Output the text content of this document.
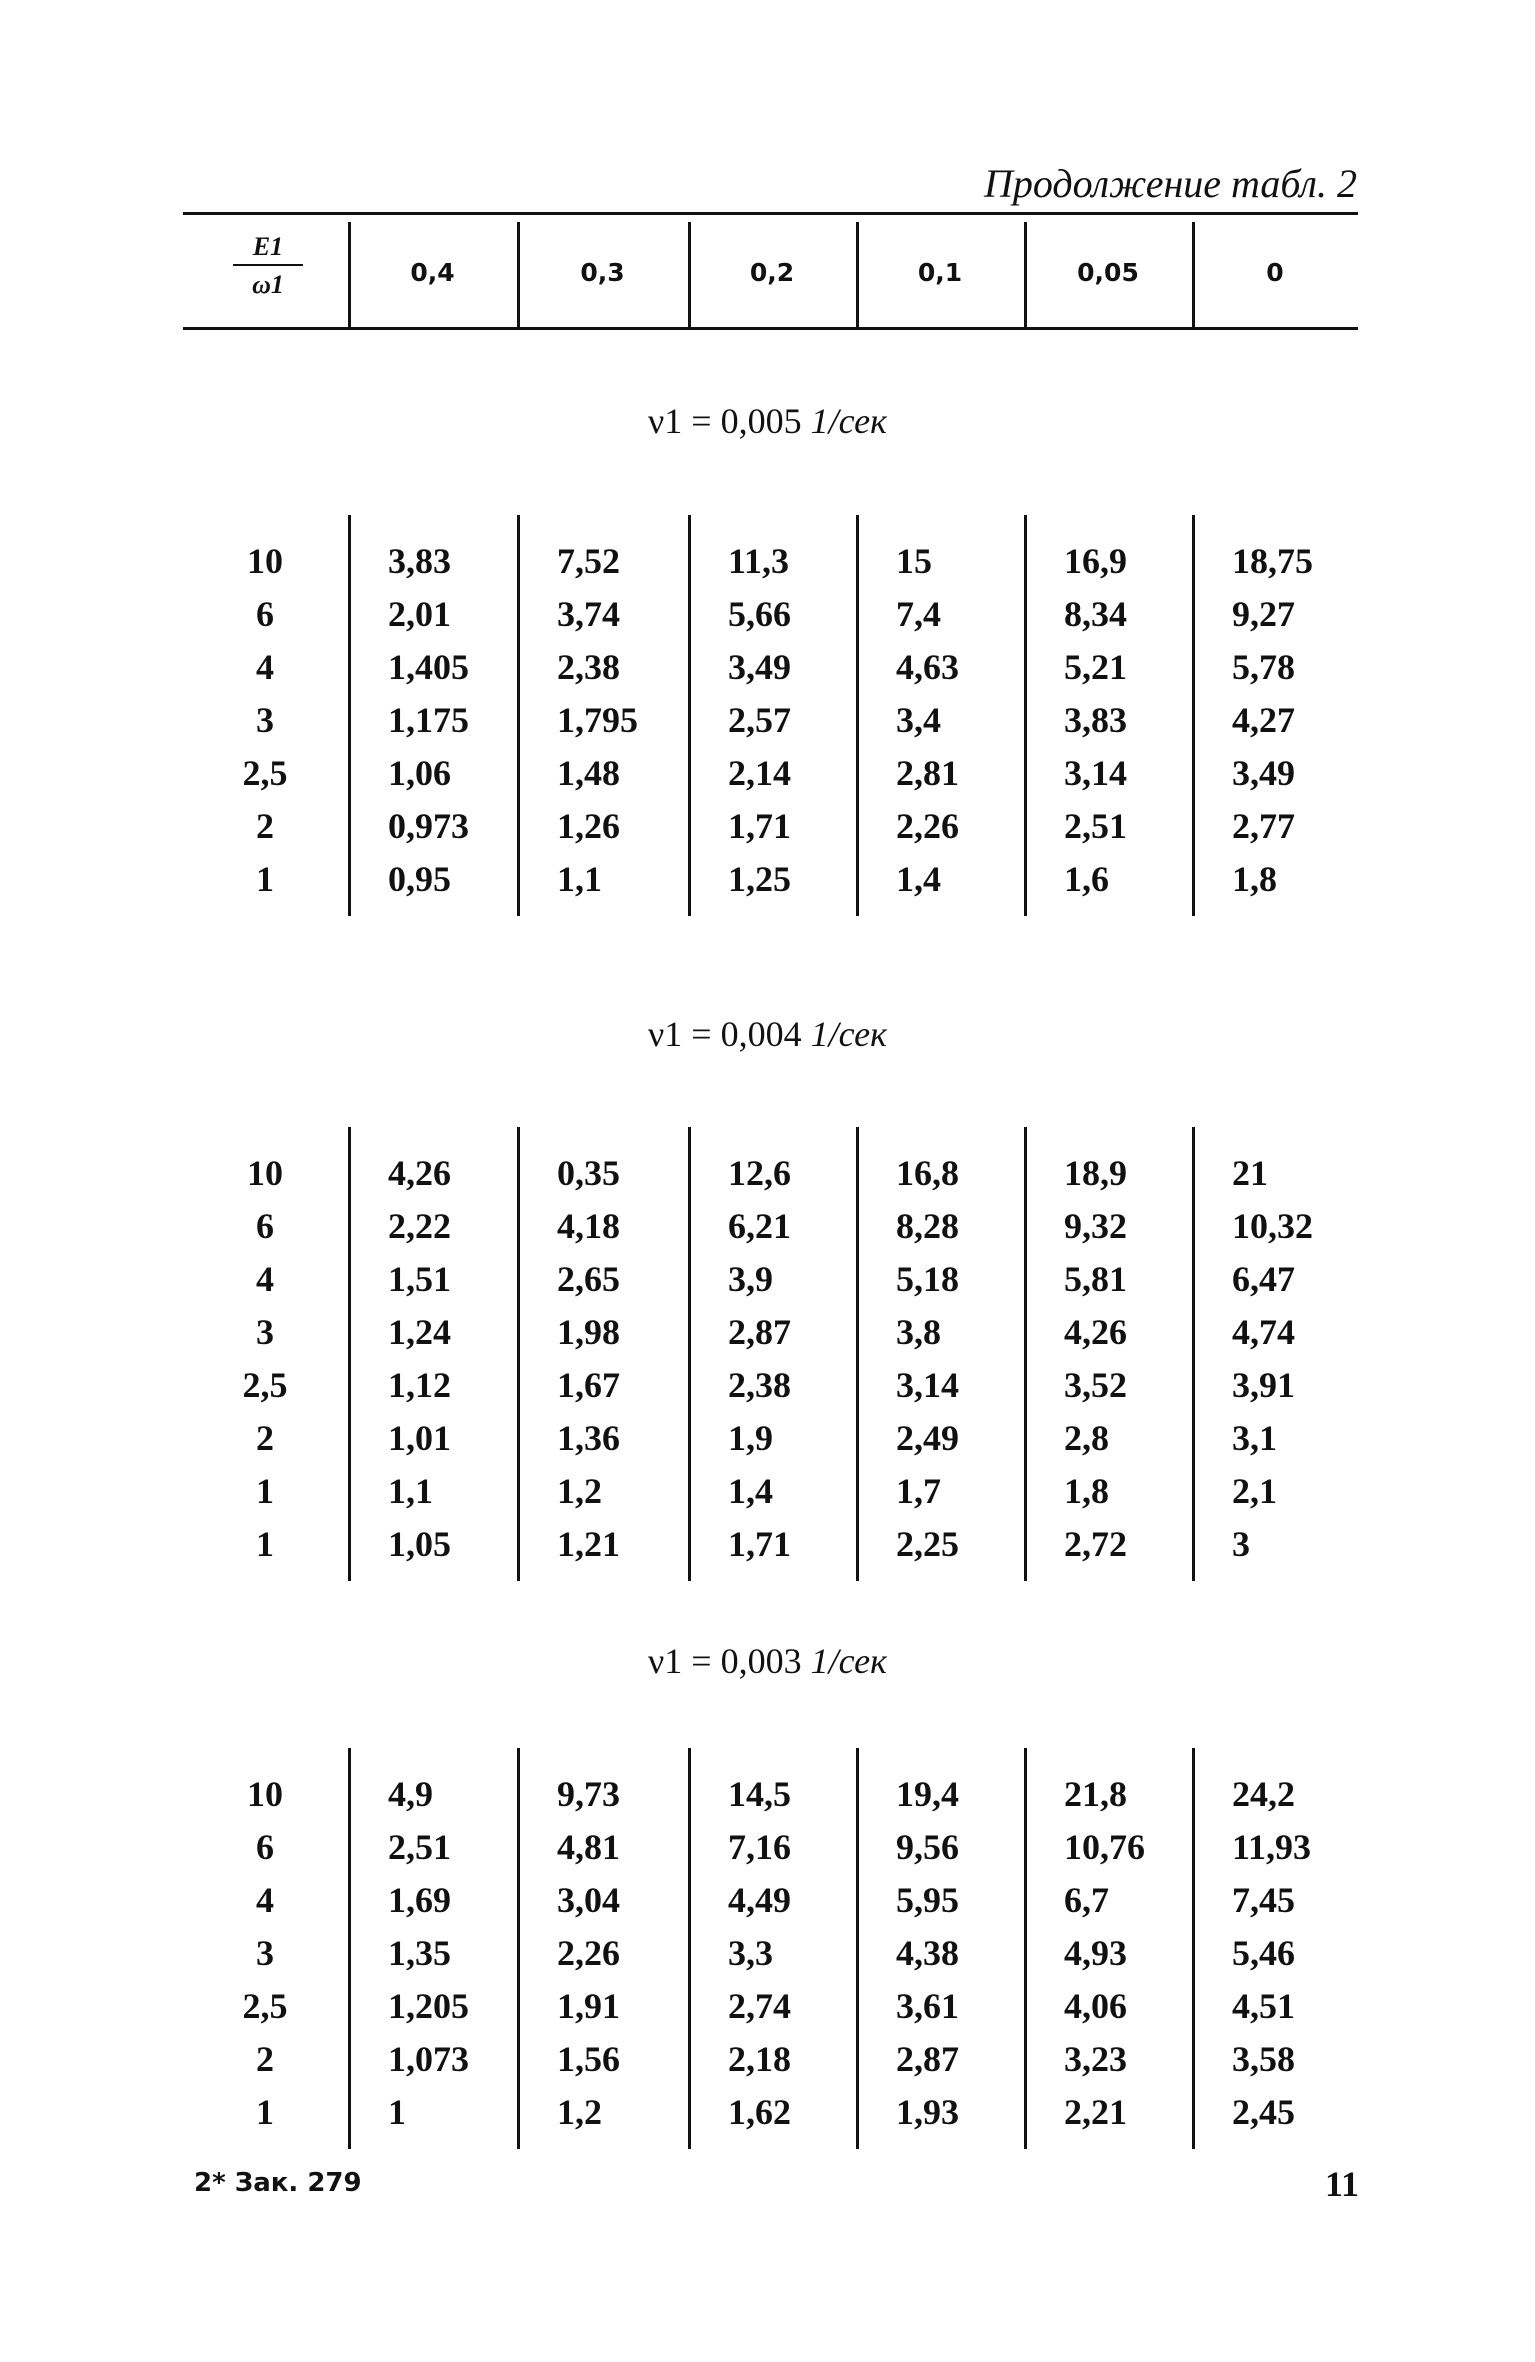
Продолжение табл. 2
E1
ω1	0,4	0,3	0,2	0,1	0,05	0
ν1 = 0,005 1/сек
10	3,83	7,52	11,3	15	16,9	18,75
6	2,01	3,74	5,66	7,4	8,34	9,27
4	1,405	2,38	3,49	4,63	5,21	5,78
3	1,175	1,795	2,57	3,4	3,83	4,27
2,5	1,06	1,48	2,14	2,81	3,14	3,49
2	0,973	1,26	1,71	2,26	2,51	2,77
1	0,95	1,1	1,25	1,4	1,6	1,8
ν1 = 0,004 1/сек
10	4,26	0,35	12,6	16,8	18,9	21
6	2,22	4,18	6,21	8,28	9,32	10,32
4	1,51	2,65	3,9	5,18	5,81	6,47
3	1,24	1,98	2,87	3,8	4,26	4,74
2,5	1,12	1,67	2,38	3,14	3,52	3,91
2	1,01	1,36	1,9	2,49	2,8	3,1
1	1,1	1,2	1,4	1,7	1,8	2,1
1	1,05	1,21	1,71	2,25	2,72	3
ν1 = 0,003 1/сек
10	4,9	9,73	14,5	19,4	21,8	24,2
6	2,51	4,81	7,16	9,56	10,76	11,93
4	1,69	3,04	4,49	5,95	6,7	7,45
3	1,35	2,26	3,3	4,38	4,93	5,46
2,5	1,205	1,91	2,74	3,61	4,06	4,51
2	1,073	1,56	2,18	2,87	3,23	3,58
1	1	1,2	1,62	1,93	2,21	2,45
2* Зак. 279	11
